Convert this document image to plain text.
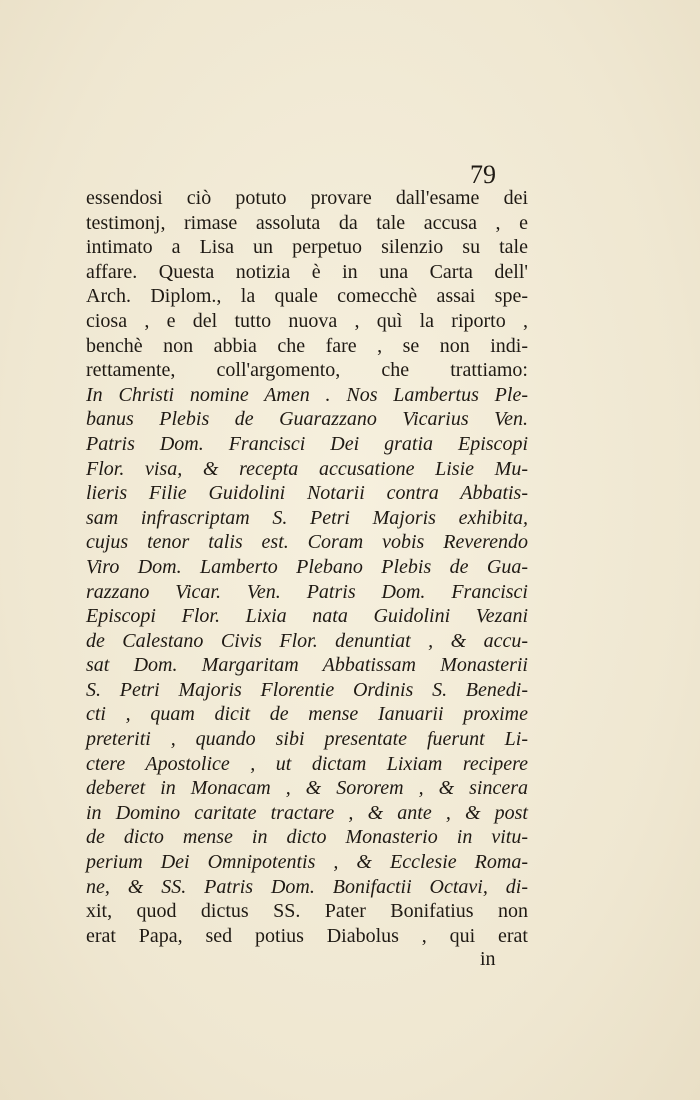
79
essendosi ciò potuto provare dall'esame dei
testimonj, rimase assoluta da tale accusa , e
intimato a Lisa un perpetuo silenzio su tale
affare. Questa notizia è in una Carta dell'
Arch. Diplom., la quale comecchè assai spe-
ciosa , e del tutto nuova , quì la riporto ,
benchè non abbia che fare , se non indi-
rettamente, coll'argomento, che trattiamo:
In Christi nomine Amen . Nos Lambertus Ple-
banus Plebis de Guarazzano Vicarius Ven.
Patris Dom. Francisci Dei gratia Episcopi
Flor. visa, & recepta accusatione Lisie Mu-
lieris Filie Guidolini Notarii contra Abbatis-
sam infrascriptam S. Petri Majoris exhibita,
cujus tenor talis est. Coram vobis Reverendo
Viro Dom. Lamberto Plebano Plebis de Gua-
razzano Vicar. Ven. Patris Dom. Francisci
Episcopi Flor. Lixia nata Guidolini Vezani
de Calestano Civis Flor. denuntiat , & accu-
sat Dom. Margaritam Abbatissam Monasterii
S. Petri Majoris Florentie Ordinis S. Benedi-
cti , quam dicit de mense Ianuarii proxime
preteriti , quando sibi presentate fuerunt Li-
ctere Apostolice , ut dictam Lixiam recipere
deberet in Monacam , & Sororem , & sincera
in Domino caritate tractare , & ante , & post
de dicto mense in dicto Monasterio in vitu-
perium Dei Omnipotentis , & Ecclesie Roma-
ne, & SS. Patris Dom. Bonifactii Octavi, di-
xit, quod dictus SS. Pater Bonifatius non
erat Papa, sed potius Diabolus , qui erat
in
